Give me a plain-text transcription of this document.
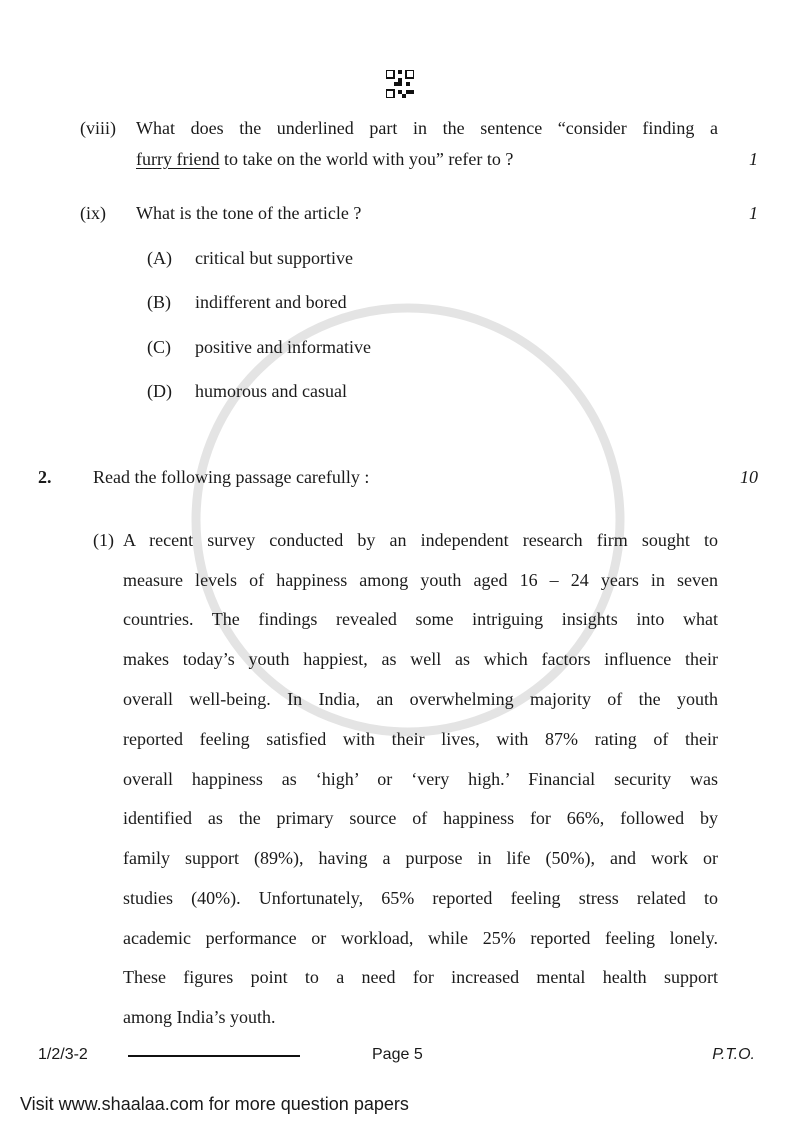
(viii) What does the underlined part in the sentence “consider finding a
furry friend to take on the world with you” refer to ?	1
(ix) What is the tone of the article ?	1
(A) critical but supportive
(B) indifferent and bored
(C) positive and informative
(D) humorous and casual
2. Read the following passage carefully :	10
(1) A recent survey conducted by an independent research firm sought to
measure levels of happiness among youth aged 16 – 24 years in seven
countries. The findings revealed some intriguing insights into what
makes today’s youth happiest, as well as which factors influence their
overall well-being. In India, an overwhelming majority of the youth
reported feeling satisfied with their lives, with 87% rating of their
overall happiness as ‘high’ or ‘very high.’ Financial security was
identified as the primary source of happiness for 66%, followed by
family support (89%), having a purpose in life (50%), and work or
studies (40%). Unfortunately, 65% reported feeling stress related to
academic performance or workload, while 25% reported feeling lonely.
These figures point to a need for increased mental health support
among India’s youth.
1/2/3-2	Page 5	P.T.O.
Visit www.shaalaa.com for more question papers
